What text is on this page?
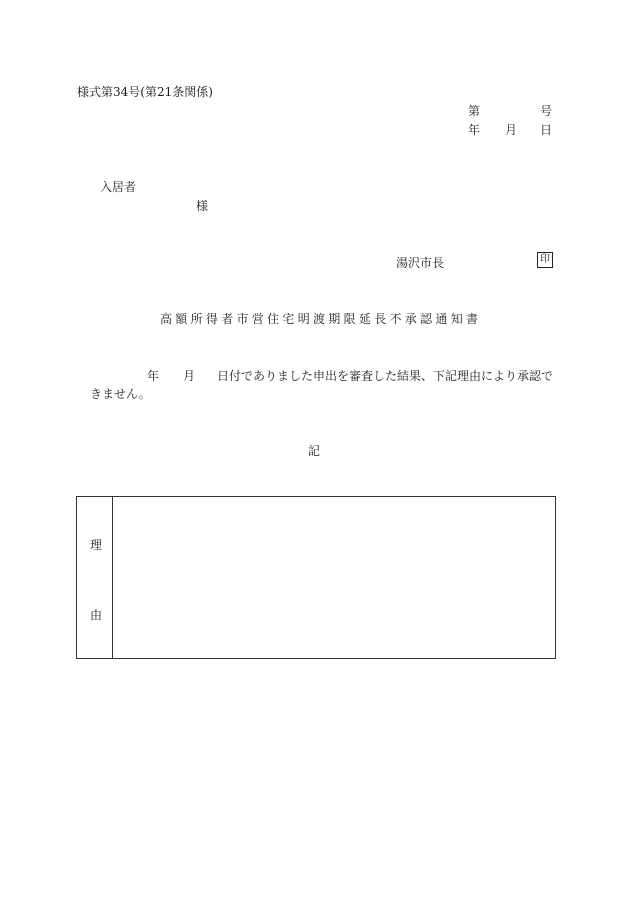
様式第34号(第21条関係)
第	号
年 月 日
入居者
様
湯沢市長	印
高額所得者市営住宅明渡期限延長不承認通知書
年 月 日付でありました申出を審査した結果、下記理由により承認で
きません。
記
理
由
